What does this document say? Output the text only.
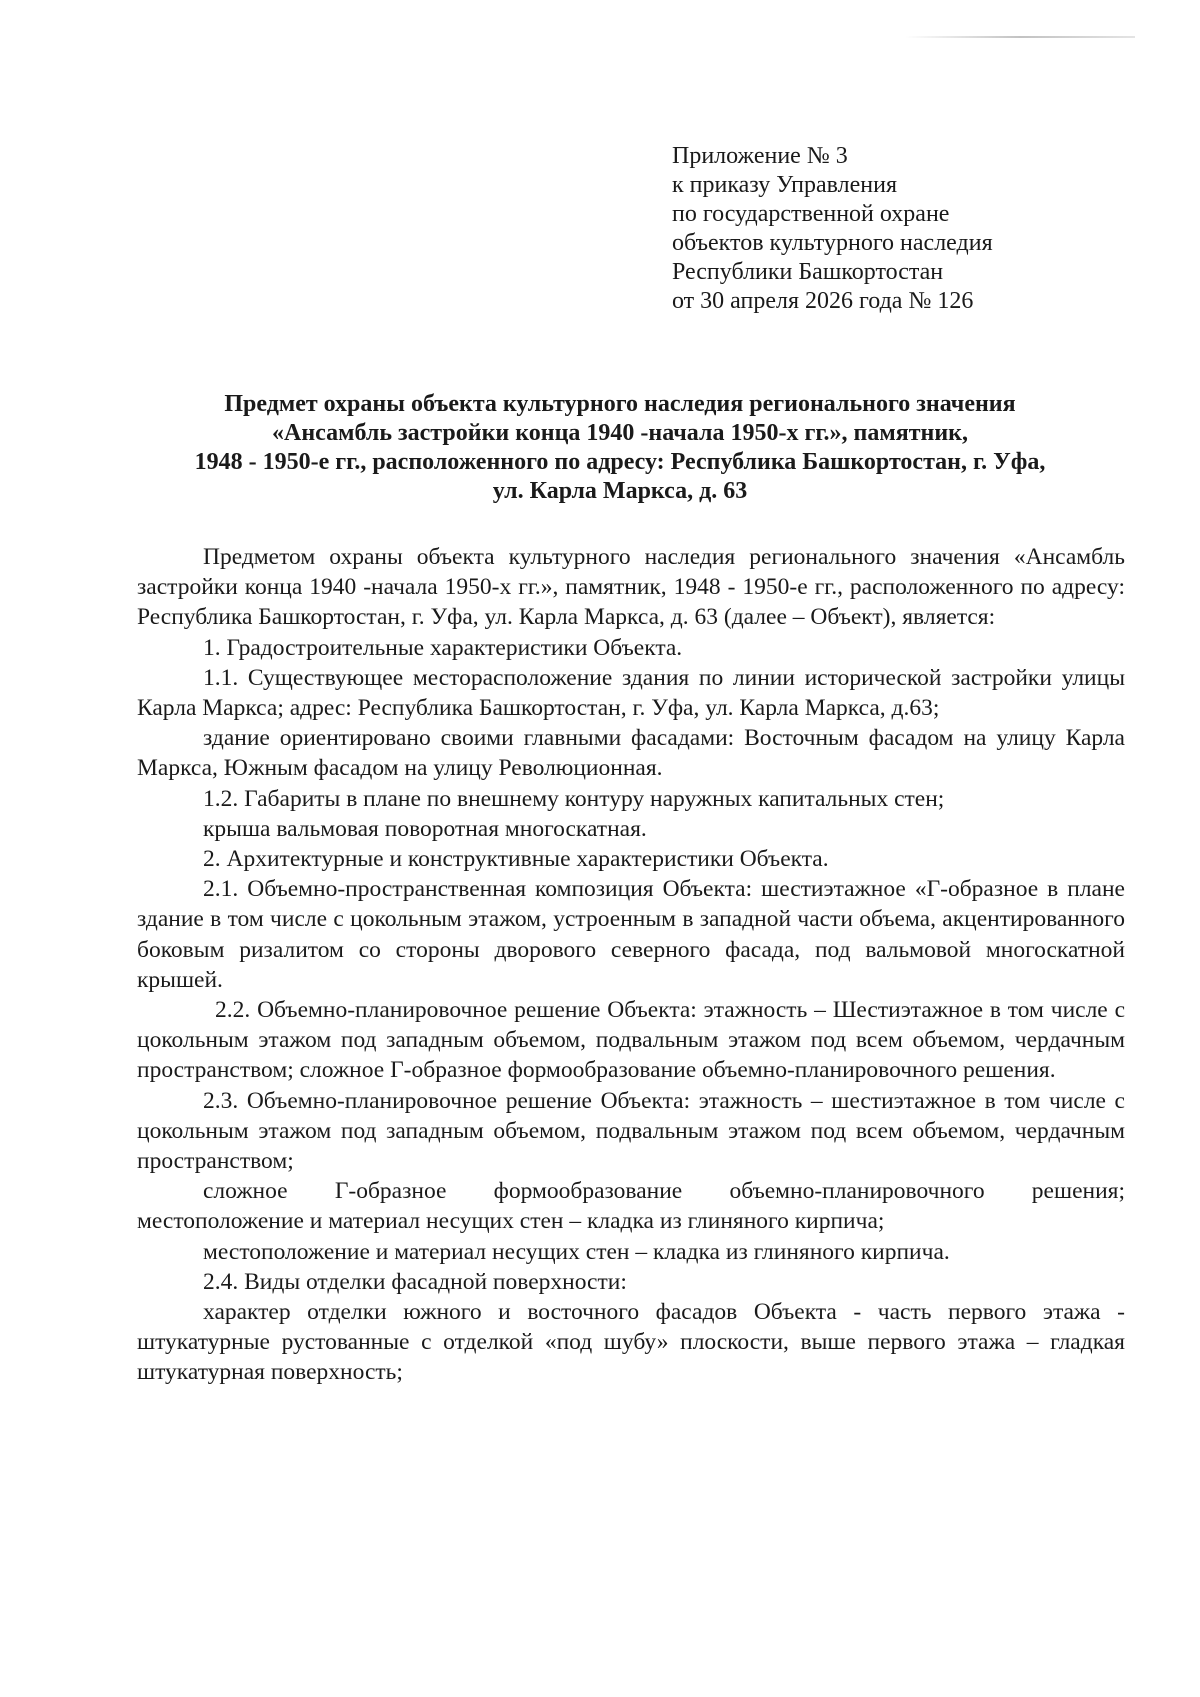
Приложение № 3
к приказу Управления
по государственной охране
объектов культурного наследия
Республики Башкортостан
от 30 апреля 2026 года № 126
Предмет охраны объекта культурного наследия регионального значения
«Ансамбль застройки конца 1940 -начала 1950-х гг.», памятник,
1948 - 1950-е гг., расположенного по адресу: Республика Башкортостан, г. Уфа,
ул. Карла Маркса, д. 63

Предметом охраны объекта культурного наследия регионального значения «Ансамбль застройки конца 1940 -начала 1950-х гг.», памятник, 1948 - 1950-е гг., расположенного по адресу: Республика Башкортостан, г. Уфа, ул. Карла Маркса, д. 63 (далее – Объект), является:

1. Градостроительные характеристики Объекта.

1.1. Существующее месторасположение здания по линии исторической застройки улицы Карла Маркса; адрес: Республика Башкортостан, г. Уфа, ул. Карла Маркса, д.63;

здание ориентировано своими главными фасадами: Восточным фасадом на улицу Карла Маркса, Южным фасадом на улицу Революционная.

1.2. Габариты в плане по внешнему контуру наружных капитальных стен;

крыша вальмовая поворотная многоскатная.

2. Архитектурные и конструктивные характеристики Объекта.

2.1. Объемно-пространственная композиция Объекта: шестиэтажное «Г-образное в плане здание в том числе с цокольным этажом, устроенным в западной части объема, акцентированного боковым ризалитом со стороны дворового северного фасада, под вальмовой многоскатной крышей.

2.2. Объемно-планировочное решение Объекта: этажность – Шестиэтажное в том числе с цокольным этажом под западным объемом, подвальным этажом под всем объемом, чердачным пространством; сложное Г-образное формообразование объемно-планировочного решения.

2.3. Объемно-планировочное решение Объекта: этажность – шестиэтажное в том числе с цокольным этажом под западным объемом, подвальным этажом под всем объемом, чердачным пространством;

сложное Г-образное формообразование объемно-планировочного решения; местоположение и материал несущих стен – кладка из глиняного кирпича;

местоположение и материал несущих стен – кладка из глиняного кирпича.

2.4. Виды отделки фасадной поверхности:

характер отделки южного и восточного фасадов Объекта - часть первого этажа - штукатурные рустованные с отделкой «под шубу» плоскости, выше первого этажа – гладкая штукатурная поверхность;
